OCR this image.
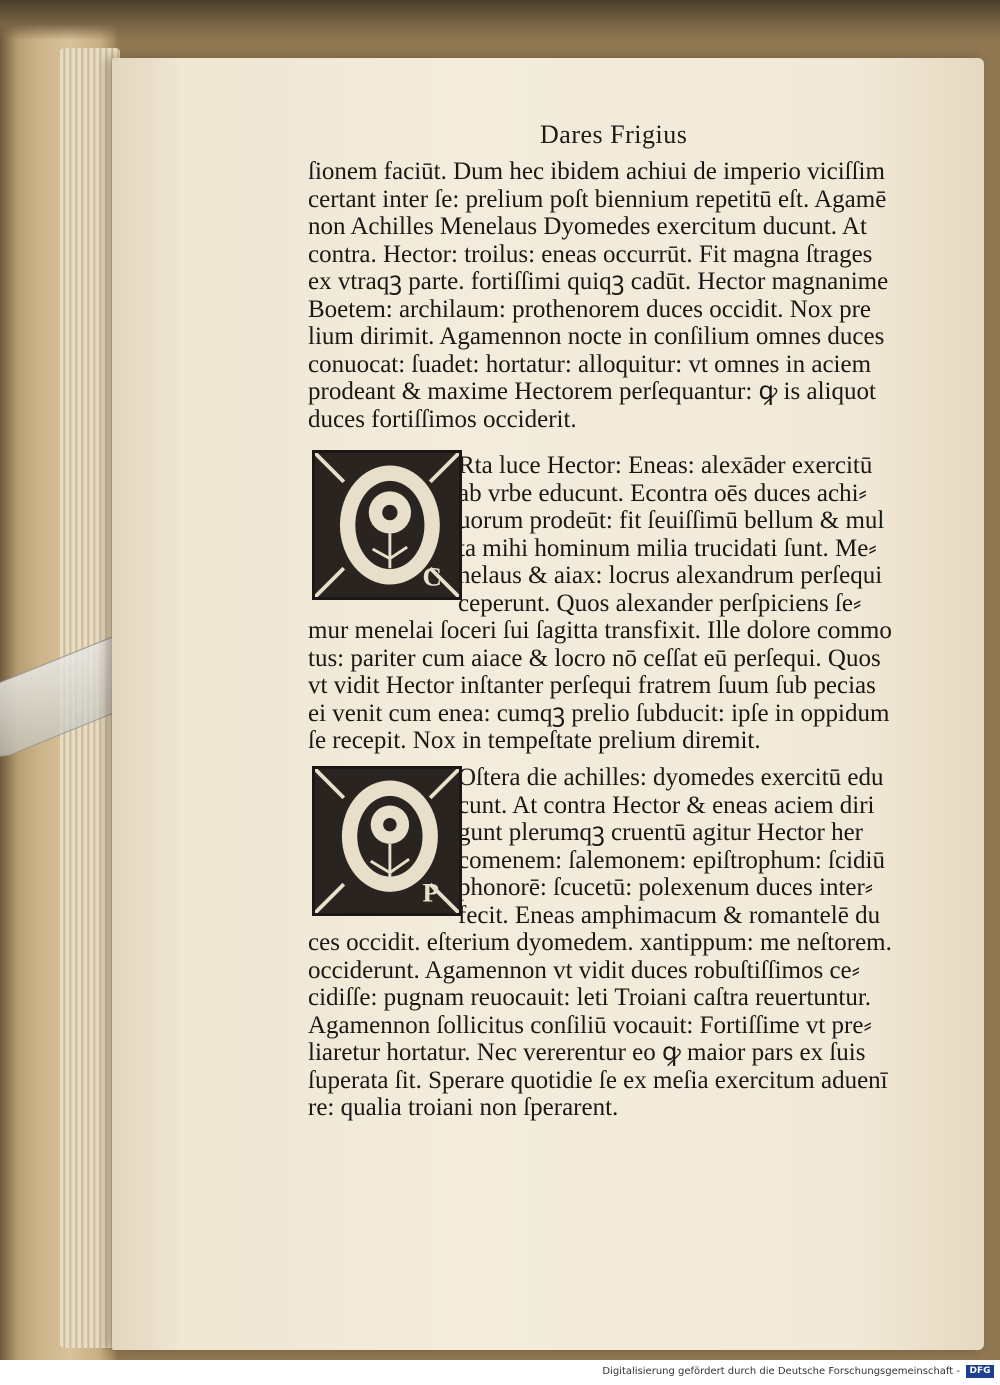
Dares Frigius
ſionem faciūt. Dum hec ibidem achiui de imperio viciſſim
certant inter ſe: prelium poſt biennium repetitū eſt. Agamē
non Achilles Menelaus Dyomedes exercitum ducunt. At
contra. Hector: troilus: eneas occurrūt. Fit magna ſtrages
ex vtraqꝫ parte. fortiſſimi quiqꝫ cadūt. Hector magnanime
Boetem: archilaum: prothenorem duces occidit. Nox pre
lium dirimit. Agamennon nocte in conſilium omnes duces
conuocat: ſuadet: hortatur: alloquitur: vt omnes in aciem
prodeant & maxime Hectorem perſequantur: ꝙ is aliquot
duces fortiſſimos occiderit.
C
Rta luce Hector: Eneas: alexāder exercitū
ab vrbe educunt. Econtra oēs duces achi⸗
uorum prodeūt: fit ſeuiſſimū bellum & mul
ta mihi hominum milia trucidati ſunt. Me⸗
nelaus & aiax: locrus alexandrum perſequi
ceperunt. Quos alexander perſpiciens ſe⸗
mur menelai ſoceri ſui ſagitta transfixit. Ille dolore commo
tus: pariter cum aiace & locro nō ceſſat eū perſequi. Quos
vt vidit Hector inſtanter perſequi fratrem ſuum ſub pecias
ei venit cum enea: cumqꝫ prelio ſubducit: ipſe in oppidum
ſe recepit. Nox in tempeſtate prelium diremit.
P
Oſtera die achilles: dyomedes exercitū edu
cunt. At contra Hector & eneas aciem diri
gunt plerumqꝫ cruentū agitur Hector her
comenem: ſalemonem: epiſtrophum: ſcidiū
phonorē: ſcucetū: polexenum duces inter⸗
fecit. Eneas amphimacum & romantelē du
ces occidit. eſterium dyomedem. xantippum: me neſtorem.
occiderunt. Agamennon vt vidit duces robuſtiſſimos ce⸗
cidiſſe: pugnam reuocauit: leti Troiani caſtra reuertuntur.
Agamennon ſollicitus conſiliū vocauit: Fortiſſime vt pre⸗
liaretur hortatur. Nec vererentur eo ꝙ maior pars ex ſuis
ſuperata ſit. Sperare quotidie ſe ex meſia exercitum aduenī
re: qualia troiani non ſperarent.
Digitalisierung gefördert durch die Deutsche Forschungsgemeinschaft -	DFG
